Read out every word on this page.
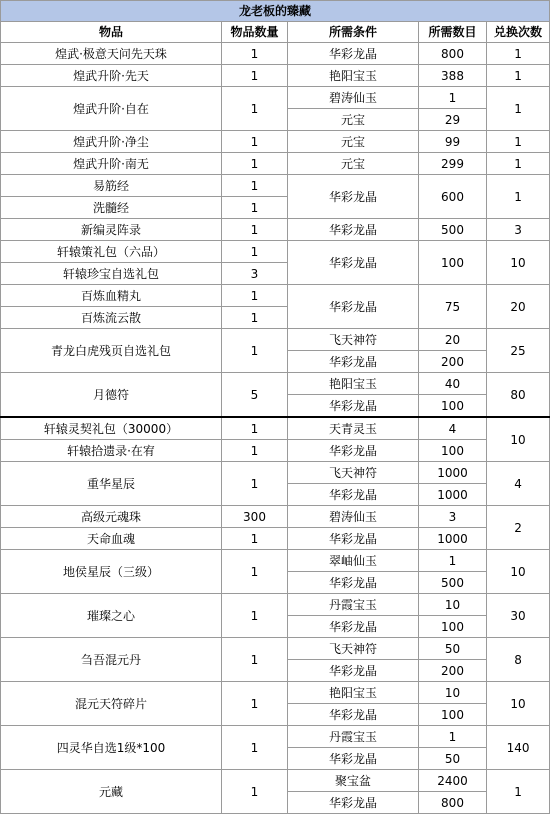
龙老板的臻藏				
物品	物品数量	所需条件	所需数目	兑换次数
煌武·极意天问先天珠	1	华彩龙晶	800	1
煌武升阶·先天	1	艳阳宝玉	388	1
煌武升阶·自在	1	碧涛仙玉	1	1
		元宝	29	
煌武升阶·净尘	1	元宝	99	1
煌武升阶·南无	1	元宝	299	1
易筋经	1	华彩龙晶	600	1
洗髓经	1			
新编灵阵录	1	华彩龙晶	500	3
轩辕策礼包（六品）	1	华彩龙晶	100	10
轩辕珍宝自选礼包	3			
百炼血精丸	1	华彩龙晶	75	20
百炼流云散	1			
青龙白虎残页自选礼包	1	飞天神符	20	25
		华彩龙晶	200	
月德符	5	艳阳宝玉	40	80
		华彩龙晶	100	
轩辕灵契礼包（30000）	1	天青灵玉	4	10
轩辕拾遗录·在宥	1	华彩龙晶	100	
重华星辰	1	飞天神符	1000	4
		华彩龙晶	1000	
高级元魂珠	300	碧涛仙玉	3	2
天命血魂	1	华彩龙晶	1000	
地侯星辰（三级）	1	翠岫仙玉	1	10
		华彩龙晶	500	
璀璨之心	1	丹霞宝玉	10	30
		华彩龙晶	100	
刍吾混元丹	1	飞天神符	50	8
		华彩龙晶	200	
混元天符碎片	1	艳阳宝玉	10	10
		华彩龙晶	100	
四灵华自选1级*100	1	丹霞宝玉	1	140
		华彩龙晶	50	
元藏	1	聚宝盆	2400	1
		华彩龙晶	800	
